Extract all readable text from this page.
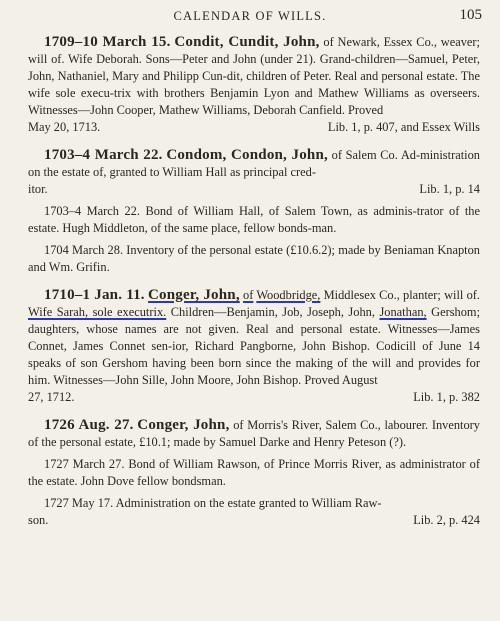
CALENDAR OF WILLS.	105

1709–10 March 15. Condit, Cundit, John, of Newark, Essex Co., weaver; will of. Wife Deborah. Sons—Peter and John (under 21). Grand-children—Samuel, Peter, John, Nathaniel, Mary and Philipp Cun-dit, children of Peter. Real and personal estate. The wife sole execu-trix with brothers Benjamin Lyon and Mathew Williams as overseers. Witnesses—John Cooper, Mathew Williams, Deborah Canfield. Proved

May 20, 1713.	Lib. 1, p. 407, and Essex Wills

1703–4 March 22. Condom, Condon, John, of Salem Co. Ad-ministration on the estate of, granted to William Hall as principal cred-

itor.	Lib. 1, p. 14

1703–4 March 22. Bond of William Hall, of Salem Town, as adminis-trator of the estate. Hugh Middleton, of the same place, fellow bonds-man.

1704 March 28. Inventory of the personal estate (£10.6.2); made by Beniaman Knapton and Wm. Grifin.

1710–1 Jan. 11. Conger, John, of Woodbridge, Middlesex Co., planter; will of. Wife Sarah, sole executrix. Children—Benjamin, Job, Joseph, John, Jonathan, Gershom; daughters, whose names are not given. Real and personal estate. Witnesses—James Connet, James Connet sen-ior, Richard Pangborne, John Bishop. Codicill of June 14 speaks of son Gershom having been born since the making of the will and provides for him. Witnesses—John Sille, John Moore, John Bishop. Proved August

27, 1712.	Lib. 1, p. 382

1726 Aug. 27. Conger, John, of Morris's River, Salem Co., labourer. Inventory of the personal estate, £10.1; made by Samuel Darke and Henry Peteson (?).

1727 March 27. Bond of William Rawson, of Prince Morris River, as administrator of the estate. John Dove fellow bondsman.

1727 May 17. Administration on the estate granted to William Raw-

son.	Lib. 2, p. 424
